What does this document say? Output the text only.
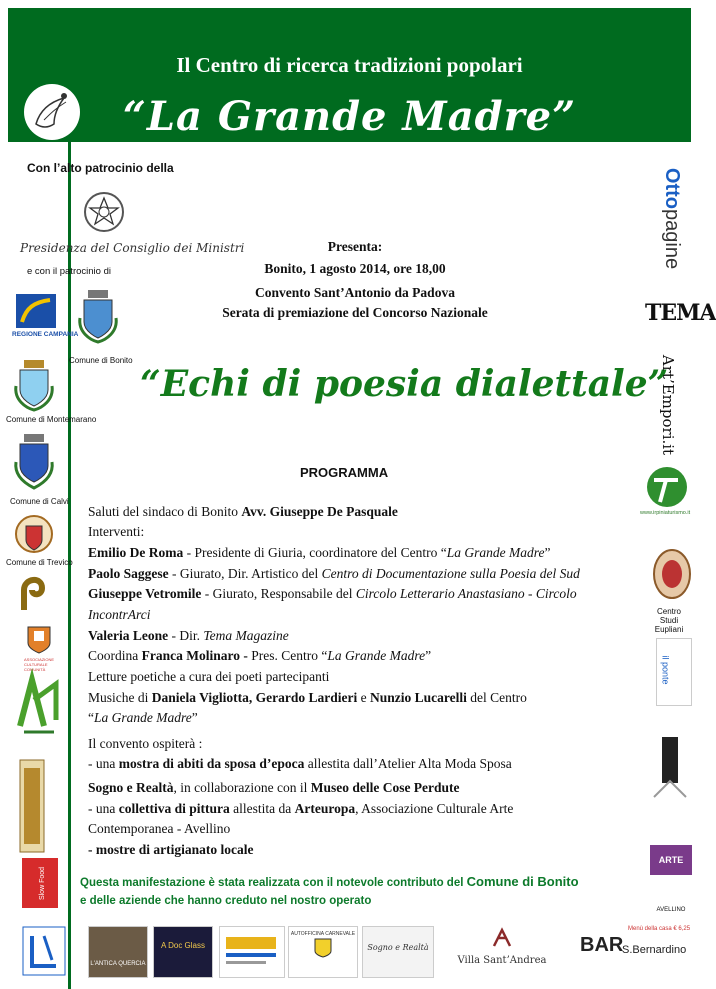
Il Centro di ricerca tradizioni popolari
“La Grande Madre”
Con l’alto patrocinio della
Presidenza del Consiglio dei Ministri
e con il patrocinio di
REGIONE CAMPANIA
Comune di Bonito
Comune di Montemarano
Comune di Calvi
Comune di Trevico
ASSOCIAZIONE CULTURALE COMUNITÀ
Slow Food
Presenta:
Bonito, 1 agosto 2014, ore 18,00
Convento Sant’Antonio da Padova
Serata di premiazione del Concorso Nazionale
“Echi di poesia dialettale”
PROGRAMMA
Saluti del sindaco di Bonito Avv. Giuseppe De Pasquale
Interventi:
Emilio De Roma - Presidente di Giuria, coordinatore del Centro “La Grande Madre”
Paolo Saggese - Giurato, Dir. Artistico del Centro di Documentazione sulla Poesia del Sud
Giuseppe Vetromile - Giurato, Responsabile del Circolo Letterario Anastasiano - Circolo
IncontrArci
Valeria Leone - Dir. Tema Magazine
Coordina Franca Molinaro - Pres. Centro “La Grande Madre”
Letture poetiche a cura dei poeti partecipanti
Musiche di Daniela Vigliotta, Gerardo Lardieri e Nunzio Lucarelli del Centro
“La Grande Madre”
Il convento ospiterà :
- una mostra di abiti da sposa d’epoca allestita dall’Atelier Alta Moda Sposa
Sogno e Realtà, in collaborazione con il Museo delle Cose Perdute
- una collettiva di pittura allestita da Arteuropa, Associazione Culturale Arte
Contemporanea - Avellino
- mostre di artigianato locale
Questa manifestazione è stata realizzata con il notevole contributo del Comune di Bonito
e delle aziende che hanno creduto nel nostro operato
Ottopagine
TEMA
Art’Empori.it
www.irpiniaturismo.it
Centro Studi Eupliani
il ponte
ARTE
AVELLINO
L'ANTICA QUERCIA
A Doc Glass
AUTOFFICINA CARNEVALE
Sogno e Realtà
Villa Sant’Andrea
Menù della casa € 6,25
BAR
S.Bernardino
